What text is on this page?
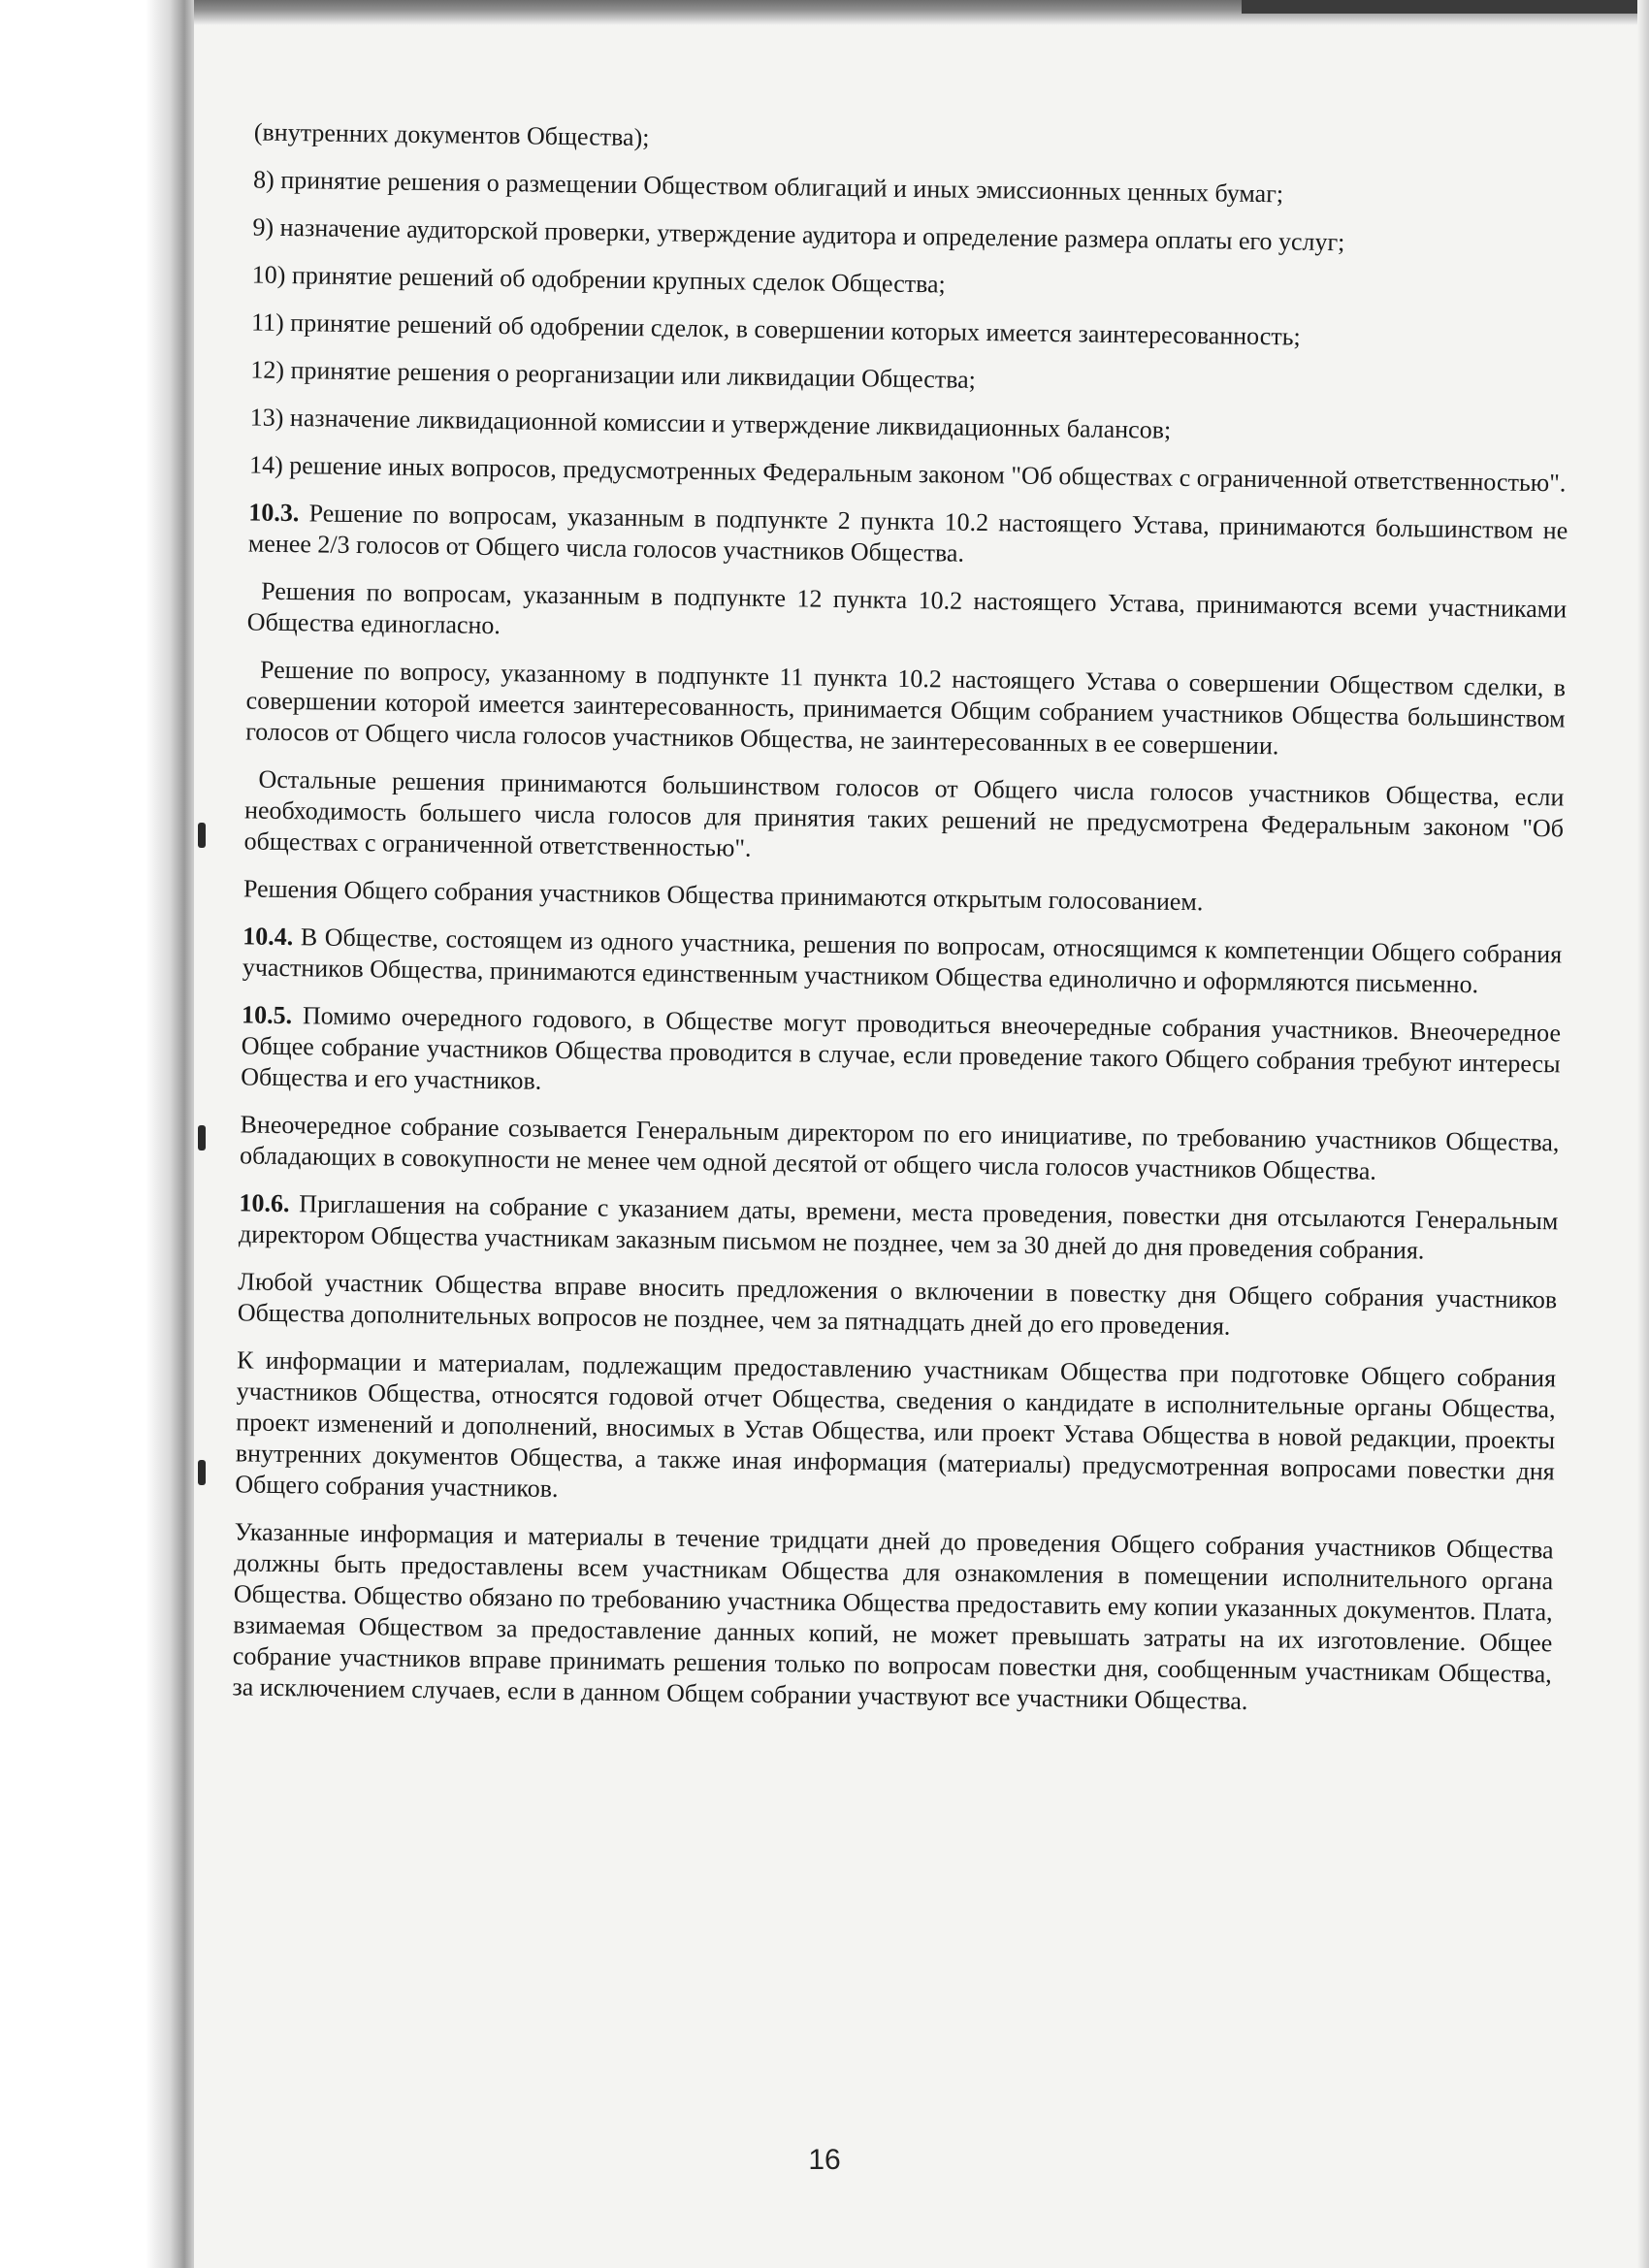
(внутренних документов Общества);

8) принятие решения о размещении Обществом облигаций и иных эмиссионных ценных бумаг;

9) назначение аудиторской проверки, утверждение аудитора и определение размера оплаты его услуг;

10) принятие решений об одобрении крупных сделок Общества;

11) принятие решений об одобрении сделок, в совершении которых имеется заинтересованность;

12) принятие решения о реорганизации или ликвидации Общества;

13) назначение ликвидационной комиссии и утверждение ликвидационных балансов;

14) решение иных вопросов, предусмотренных Федеральным законом "Об обществах с ограниченной ответственностью".

10.3. Решение по вопросам, указанным в подпункте 2 пункта 10.2 настоящего Устава, принимаются большинством не менее 2/3 голосов от Общего числа голосов участников Общества.

Решения по вопросам, указанным в подпункте 12 пункта 10.2 настоящего Устава, принимаются всеми участниками Общества единогласно.

Решение по вопросу, указанному в подпункте 11 пункта 10.2 настоящего Устава о совершении Обществом сделки, в совершении которой имеется заинтересованность, принимается Общим собранием участников Общества большинством голосов от Общего числа голосов участников Общества, не заинтересованных в ее совершении.

Остальные решения принимаются большинством голосов от Общего числа голосов участников Общества, если необходимость большего числа голосов для принятия таких решений не предусмотрена Федеральным законом "Об обществах с ограниченной ответственностью".

Решения Общего собрания участников Общества принимаются открытым голосованием.

10.4. В Обществе, состоящем из одного участника, решения по вопросам, относящимся к компетенции Общего собрания участников Общества, принимаются единственным участником Общества единолично и оформляются письменно.

10.5. Помимо очередного годового, в Обществе могут проводиться внеочередные собрания участников. Внеочередное Общее собрание участников Общества проводится в случае, если проведение такого Общего собрания требуют интересы Общества и его участников.

Внеочередное собрание созывается Генеральным директором по его инициативе, по требованию участников Общества, обладающих в совокупности не менее чем одной десятой от общего числа голосов участников Общества.

10.6. Приглашения на собрание с указанием даты, времени, места проведения, повестки дня отсылаются Генеральным директором Общества участникам заказным письмом не позднее, чем за 30 дней до дня проведения собрания.

Любой участник Общества вправе вносить предложения о включении в повестку дня Общего собрания участников Общества дополнительных вопросов не позднее, чем за пятнадцать дней до его проведения.

К информации и материалам, подлежащим предоставлению участникам Общества при подготовке Общего собрания участников Общества, относятся годовой отчет Общества, сведения о кандидате в исполнительные органы Общества, проект изменений и дополнений, вносимых в Устав Общества, или проект Устава Общества в новой редакции, проекты внутренних документов Общества, а также иная информация (материалы) предусмотренная вопросами повестки дня Общего собрания участников.

Указанные информация и материалы в течение тридцати дней до проведения Общего собрания участников Общества должны быть предоставлены всем участникам Общества для ознакомления в помещении исполнительного органа Общества. Общество обязано по требованию участника Общества предоставить ему копии указанных документов. Плата, взимаемая Обществом за предоставление данных копий, не может превышать затраты на их изготовление. Общее собрание участников вправе принимать решения только по вопросам повестки дня, сообщенным участникам Общества, за исключением случаев, если в данном Общем собрании участвуют все участники Общества.

16
